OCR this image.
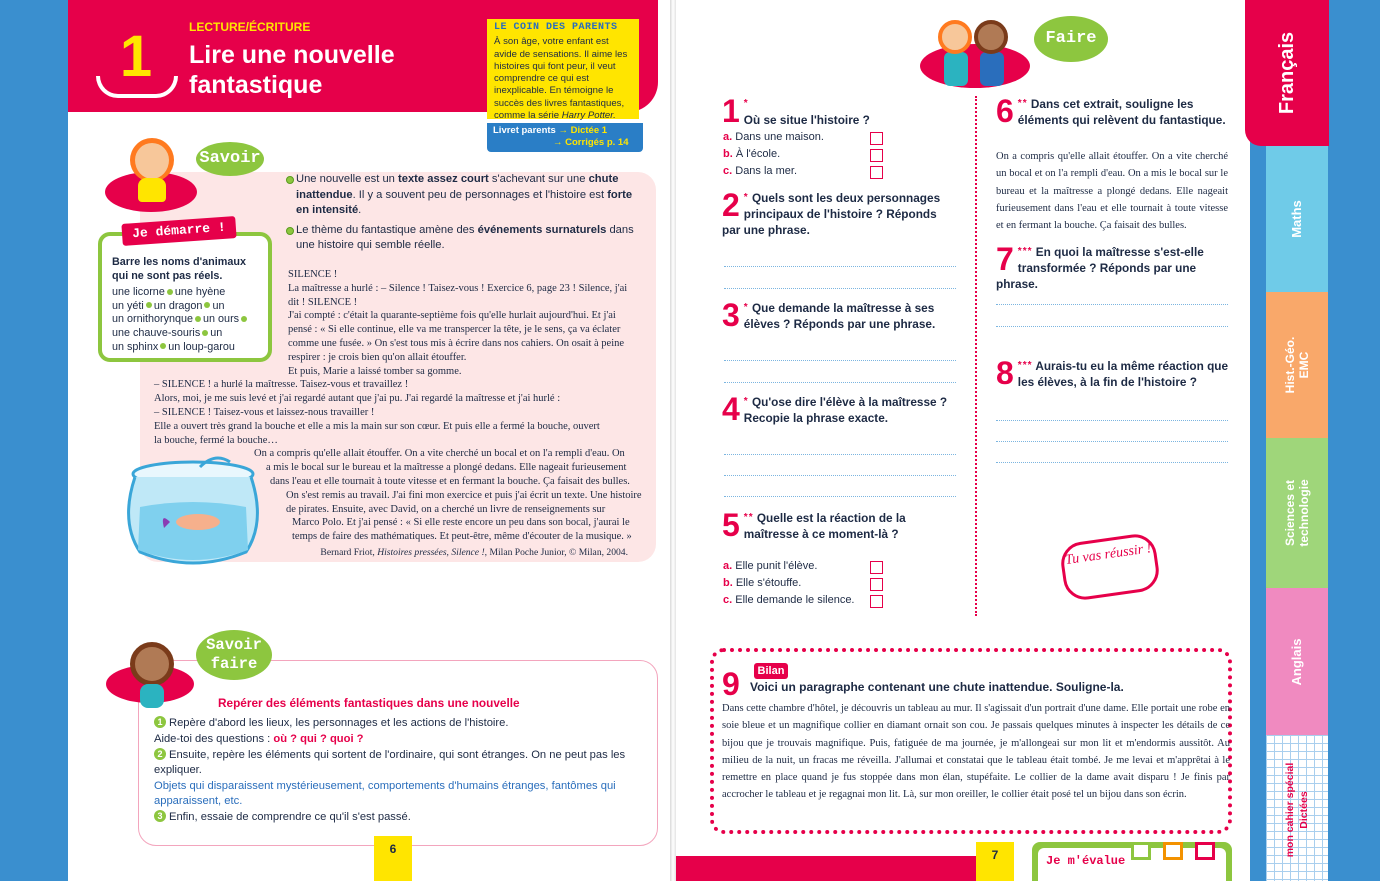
1	LECTURE/ÉCRITURE
Lire une nouvelle fantastique
LE COIN DES PARENTS
À son âge, votre enfant est avide de sensations. Il aime les histoires qui font peur, il veut comprendre ce qui est inexplicable. En témoigne le succès des livres fantastiques, comme la série Harry Potter.
Livret parents → Dictée 1
→ Corrigés p. 14
Savoir

Une nouvelle est un texte assez court s'achevant sur une chute inattendue. Il y a souvent peu de personnages et l'histoire est forte en intensité.

Le thème du fantastique amène des événements surnaturels dans une histoire qui semble réelle.

Barre les noms d'animaux qui ne sont pas réels.
une licorne une hyène
un yéti un dragon un
un ornithorynque un ours
une chauve-souris un
un sphinx un loup-garou
Je démarre !
SILENCE !
La maîtresse a hurlé : – Silence ! Taisez-vous ! Exercice 6, page 23 ! Silence, j'ai
dit ! SILENCE !
J'ai compté : c'était la quarante-septième fois qu'elle hurlait aujourd'hui. Et j'ai
pensé : « Si elle continue, elle va me transpercer la tête, je le sens, ça va éclater
comme une fusée. » On s'est tous mis à écrire dans nos cahiers. On osait à peine
respirer : je crois bien qu'on allait étouffer.
Et puis, Marie a laissé tomber sa gomme.
– SILENCE ! a hurlé la maîtresse. Taisez-vous et travaillez !
Alors, moi, je me suis levé et j'ai regardé autant que j'ai pu. J'ai regardé la maîtresse et j'ai hurlé :
– SILENCE ! Taisez-vous et laissez-nous travailler !
Elle a ouvert très grand la bouche et elle a mis la main sur son cœur. Et puis elle a fermé la bouche, ouvert
la bouche, fermé la bouche…
On a compris qu'elle allait étouffer. On a vite cherché un bocal et on l'a rempli d'eau. On
a mis le bocal sur le bureau et la maîtresse a plongé dedans. Elle nageait furieusement
dans l'eau et elle tournait à toute vitesse et en fermant la bouche. Ça faisait des bulles.
On s'est remis au travail. J'ai fini mon exercice et puis j'ai écrit un texte. Une histoire
de pirates. Ensuite, avec David, on a cherché un livre de renseignements sur
Marco Polo. Et j'ai pensé : « Si elle reste encore un peu dans son bocal, j'aurai le
temps de faire des mathématiques. Et peut-être, même d'écouter de la musique. »
Bernard Friot, Histoires pressées, Silence !, Milan Poche Junior, © Milan, 2004.
Savoir faire
Repérer des éléments fantastiques dans une nouvelle

1 Repère d'abord les lieux, les personnages et les actions de l'histoire.

Aide-toi des questions : où ? qui ? quoi ?

2 Ensuite, repère les éléments qui sortent de l'ordinaire, qui sont étranges. On ne peut pas les expliquer.

Objets qui disparaissent mystérieusement, comportements d'humains étranges, fantômes qui apparaissent, etc.

3 Enfin, essaie de comprendre ce qu'il s'est passé.

6
Faire
1 *
Où se situe l'histoire ?
a. Dans une maison.
b. À l'école.
c. Dans la mer.
2 * Quels sont les deux personnages principaux de l'histoire ? Réponds par une phrase.
3 * Que demande la maîtresse à ses élèves ? Réponds par une phrase.
4 * Qu'ose dire l'élève à la maîtresse ? Recopie la phrase exacte.
5 ** Quelle est la réaction de la maîtresse à ce moment-là ?
a. Elle punit l'élève.
b. Elle s'étouffe.
c. Elle demande le silence.
6 ** Dans cet extrait, souligne les éléments qui relèvent du fantastique.
On a compris qu'elle allait étouffer. On a vite cherché un bocal et on l'a rempli d'eau. On a mis le bocal sur le bureau et la maîtresse a plongé dedans. Elle nageait furieusement dans l'eau et elle tournait à toute vitesse et en fermant la bouche. Ça faisait des bulles.
7 *** En quoi la maîtresse s'est-elle transformée ? Réponds par une phrase.
8 *** Aurais-tu eu la même réaction que les élèves, à la fin de l'histoire ?
Tu vas réussir !
Bilan
9 Voici un paragraphe contenant une chute inattendue. Souligne-la.
Dans cette chambre d'hôtel, je découvris un tableau au mur. Il s'agissait d'un portrait d'une dame. Elle portait une robe en soie bleue et un magnifique collier en diamant ornait son cou. Je passais quelques minutes à inspecter les détails de ce bijou que je trouvais magnifique. Puis, fatiguée de ma journée, je m'allongeai sur mon lit et m'endormis aussitôt. Au milieu de la nuit, un fracas me réveilla. J'allumai et constatai que le tableau était tombé. Je me levai et m'apprêtai à le remettre en place quand je fus stoppée dans mon élan, stupéfaite. Le collier de la dame avait disparu ! Je finis par accrocher le tableau et je regagnai mon lit. Là, sur mon oreiller, le collier était posé tel un bijou dans son écrin.
7	Je m'évalue
Français
Maths
Hist.-Géo. EMC
Sciences et technologie
Anglais
mon cahier spécial Dictées
